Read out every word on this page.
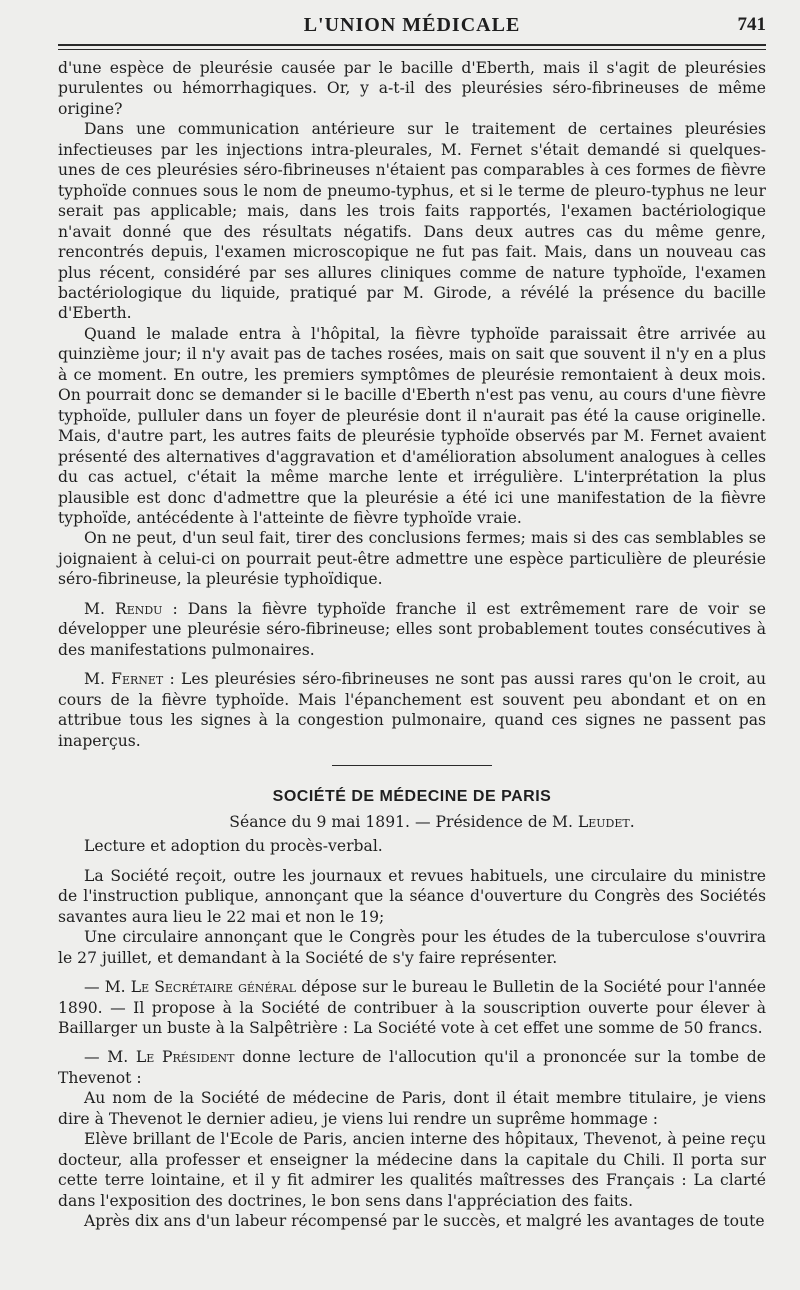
L'UNION MÉDICALE	741

d'une espèce de pleurésie causée par le bacille d'Eberth, mais il s'agit de pleurésies purulentes ou hémorrhagiques. Or, y a-t-il des pleurésies séro-fibrineuses de même origine?

Dans une communication antérieure sur le traitement de certaines pleurésies infectieuses par les injections intra-pleurales, M. Fernet s'était demandé si quelques-unes de ces pleurésies séro-fibrineuses n'étaient pas comparables à ces formes de fièvre typhoïde connues sous le nom de pneumo-typhus, et si le terme de pleuro-typhus ne leur serait pas applicable; mais, dans les trois faits rapportés, l'examen bactériologique n'avait donné que des résultats négatifs. Dans deux autres cas du même genre, rencontrés depuis, l'examen microscopique ne fut pas fait. Mais, dans un nouveau cas plus récent, considéré par ses allures cliniques comme de nature typhoïde, l'examen bactériologique du liquide, pratiqué par M. Girode, a révélé la présence du bacille d'Eberth.

Quand le malade entra à l'hôpital, la fièvre typhoïde paraissait être arrivée au quinzième jour; il n'y avait pas de taches rosées, mais on sait que souvent il n'y en a plus à ce moment. En outre, les premiers symptômes de pleurésie remontaient à deux mois. On pourrait donc se demander si le bacille d'Eberth n'est pas venu, au cours d'une fièvre typhoïde, pulluler dans un foyer de pleurésie dont il n'aurait pas été la cause originelle. Mais, d'autre part, les autres faits de pleurésie typhoïde observés par M. Fernet avaient présenté des alternatives d'aggravation et d'amélioration absolument analogues à celles du cas actuel, c'était la même marche lente et irrégulière. L'interprétation la plus plausible est donc d'admettre que la pleurésie a été ici une manifestation de la fièvre typhoïde, antécédente à l'atteinte de fièvre typhoïde vraie.

On ne peut, d'un seul fait, tirer des conclusions fermes; mais si des cas semblables se joignaient à celui-ci on pourrait peut-être admettre une espèce particulière de pleurésie séro-fibrineuse, la pleurésie typhoïdique.

M. Rendu : Dans la fièvre typhoïde franche il est extrêmement rare de voir se développer une pleurésie séro-fibrineuse; elles sont probablement toutes consécutives à des manifestations pulmonaires.

M. Fernet : Les pleurésies séro-fibrineuses ne sont pas aussi rares qu'on le croit, au cours de la fièvre typhoïde. Mais l'épanchement est souvent peu abondant et on en attribue tous les signes à la congestion pulmonaire, quand ces signes ne passent pas inaperçus.

SOCIÉTÉ DE MÉDECINE DE PARIS
Séance du 9 mai 1891. — Présidence de M. Leudet.

Lecture et adoption du procès-verbal.

La Société reçoit, outre les journaux et revues habituels, une circulaire du ministre de l'instruction publique, annonçant que la séance d'ouverture du Congrès des Sociétés savantes aura lieu le 22 mai et non le 19;

Une circulaire annonçant que le Congrès pour les études de la tuberculose s'ouvrira le 27 juillet, et demandant à la Société de s'y faire représenter.

— M. Le Secrétaire général dépose sur le bureau le Bulletin de la Société pour l'année 1890. — Il propose à la Société de contribuer à la souscription ouverte pour élever à Baillarger un buste à la Salpêtrière : La Société vote à cet effet une somme de 50 francs.

— M. Le Président donne lecture de l'allocution qu'il a prononcée sur la tombe de Thevenot :

Au nom de la Société de médecine de Paris, dont il était membre titulaire, je viens dire à Thevenot le dernier adieu, je viens lui rendre un suprême hommage :

Elève brillant de l'Ecole de Paris, ancien interne des hôpitaux, Thevenot, à peine reçu docteur, alla professer et enseigner la médecine dans la capitale du Chili. Il porta sur cette terre lointaine, et il y fit admirer les qualités maîtresses des Français : La clarté dans l'exposition des doctrines, le bon sens dans l'appréciation des faits.

Après dix ans d'un labeur récompensé par le succès, et malgré les avantages de toute
